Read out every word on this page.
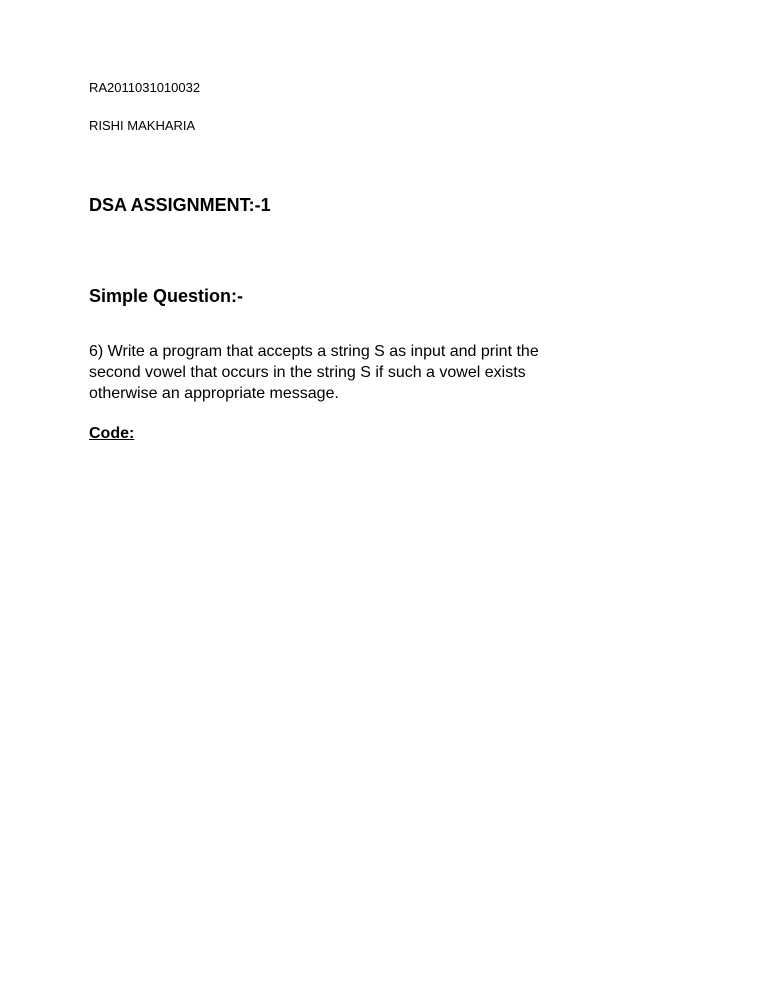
RA2011031010032

RISHI MAKHARIA

DSA ASSIGNMENT:-1
Simple Question:-
6) Write a program that accepts a string S as input and print the
second vowel that occurs in the string S if such a vowel exists
otherwise an appropriate message.

Code:
